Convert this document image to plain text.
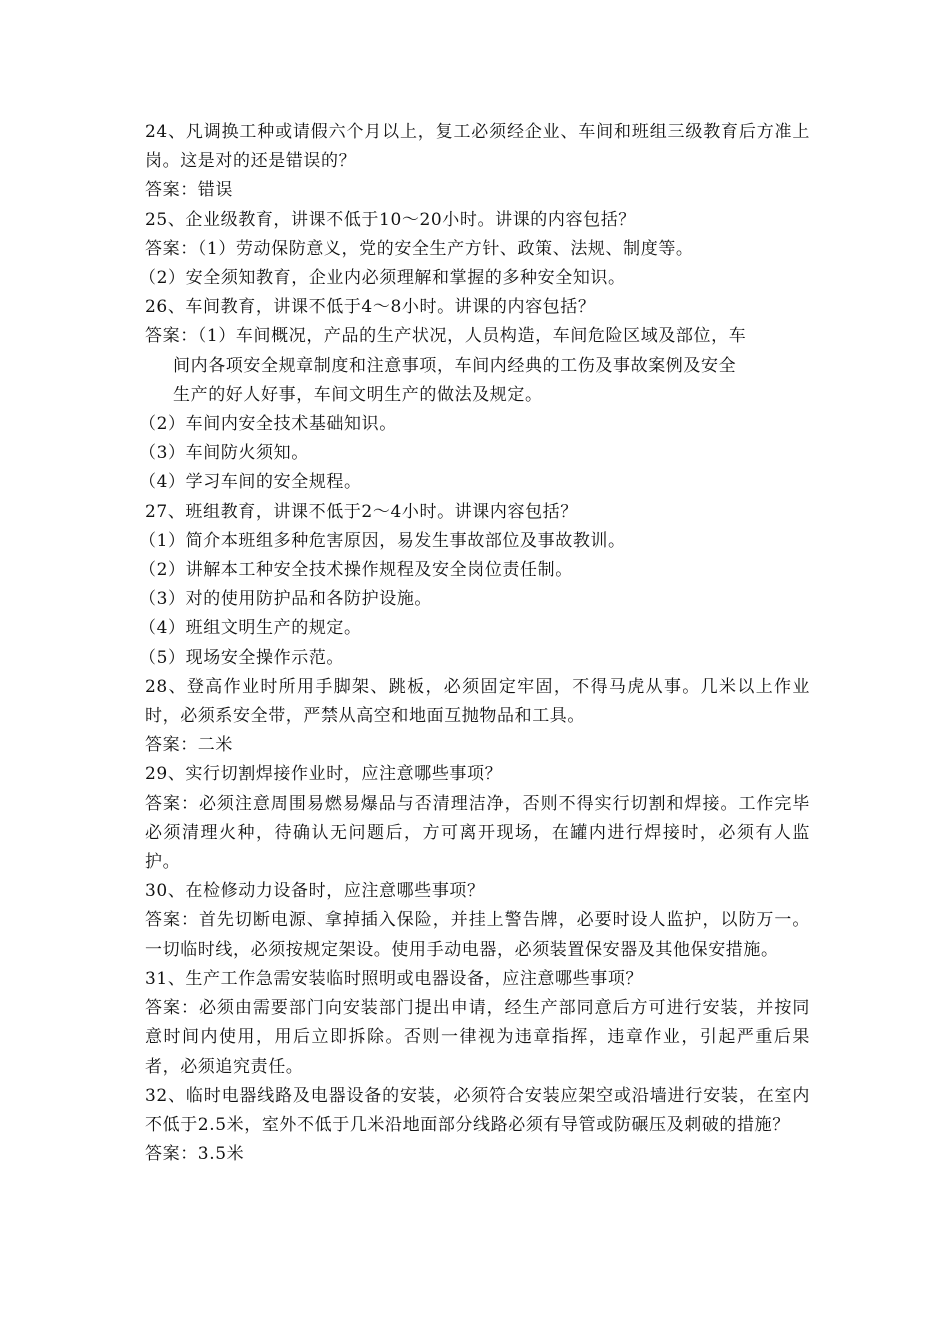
24、凡调换工种或请假六个月以上，复工必须经企业、车间和班组三级教育后方准上岗。这是对的还是错误的？

答案：错误

25、企业级教育，讲课不低于10～20小时。讲课的内容包括？

答案：（1）劳动保防意义，党的安全生产方针、政策、法规、制度等。

（2）安全须知教育，企业内必须理解和掌握的多种安全知识。

26、车间教育，讲课不低于4～8小时。讲课的内容包括？

答案：（1）车间概况，产品的生产状况，人员构造，车间危险区域及部位，车

间内各项安全规章制度和注意事项，车间内经典的工伤及事故案例及安全

生产的好人好事，车间文明生产的做法及规定。

（2）车间内安全技术基础知识。

（3）车间防火须知。

（4）学习车间的安全规程。

27、班组教育，讲课不低于2～4小时。讲课内容包括？

（1）简介本班组多种危害原因，易发生事故部位及事故教训。

（2）讲解本工种安全技术操作规程及安全岗位责任制。

（3）对的使用防护品和各防护设施。

（4）班组文明生产的规定。

（5）现场安全操作示范。

28、登高作业时所用手脚架、跳板，必须固定牢固，不得马虎从事。几米以上作业时，必须系安全带，严禁从高空和地面互抛物品和工具。

答案：二米

29、实行切割焊接作业时，应注意哪些事项？

答案：必须注意周围易燃易爆品与否清理洁净，否则不得实行切割和焊接。工作完毕必须清理火种，待确认无问题后，方可离开现场，在罐内进行焊接时，必须有人监护。

30、在检修动力设备时，应注意哪些事项？

答案：首先切断电源、拿掉插入保险，并挂上警告牌，必要时设人监护，以防万一。一切临时线，必须按规定架设。使用手动电器，必须装置保安器及其他保安措施。

31、生产工作急需安装临时照明或电器设备，应注意哪些事项？

答案：必须由需要部门向安装部门提出申请，经生产部同意后方可进行安装，并按同意时间内使用，用后立即拆除。否则一律视为违章指挥，违章作业，引起严重后果者，必须追究责任。

32、临时电器线路及电器设备的安装，必须符合安装应架空或沿墙进行安装，在室内不低于2.5米，室外不低于几米沿地面部分线路必须有导管或防碾压及刺破的措施？

答案：3.5米
